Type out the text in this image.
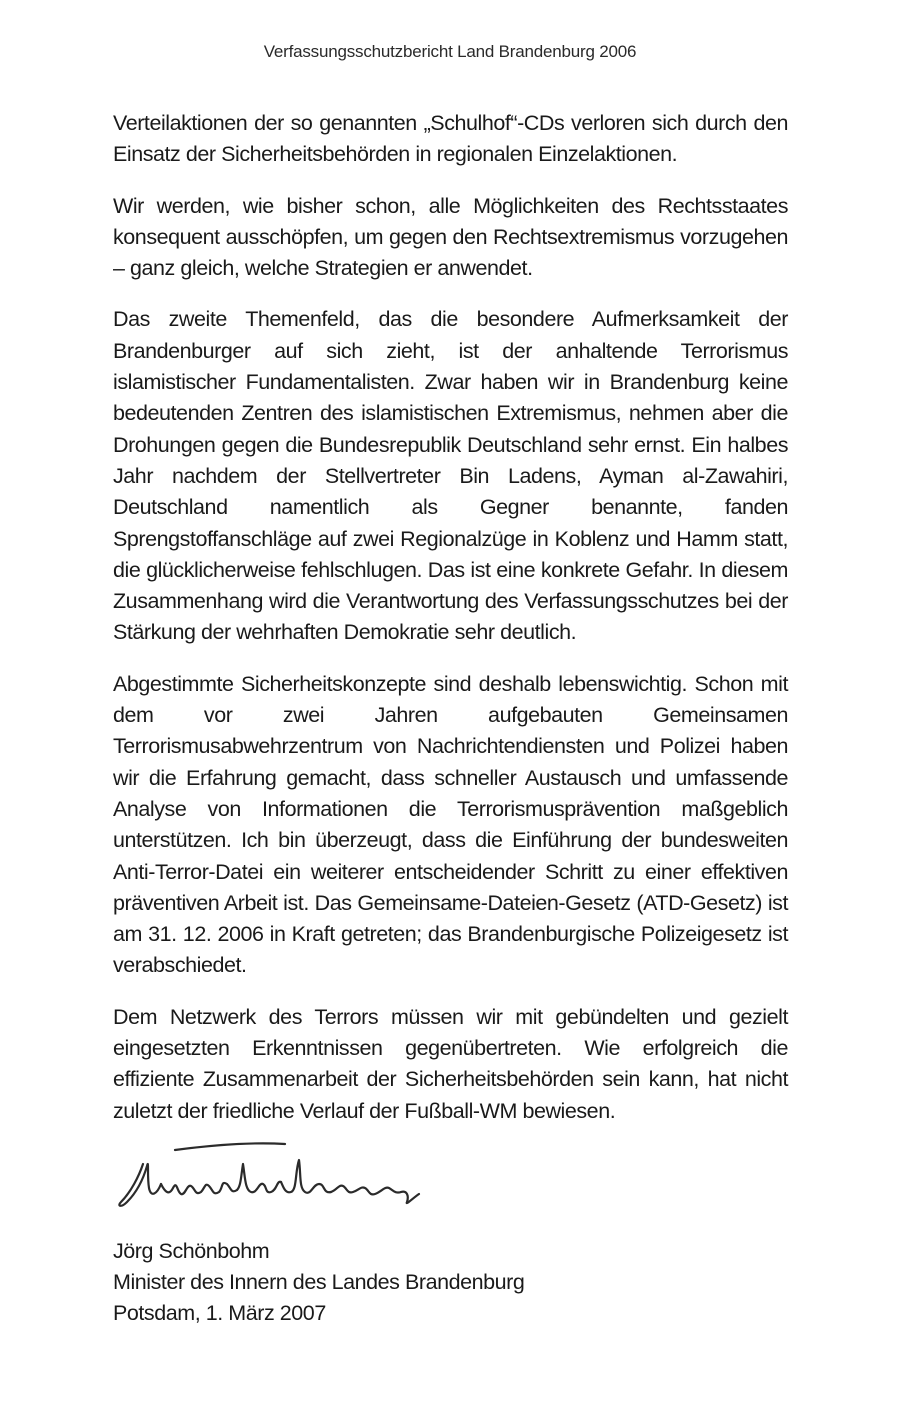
Verfassungsschutzbericht Land Brandenburg 2006

Verteilaktionen der so genannten „Schulhof“-CDs verloren sich durch den Einsatz der Sicherheitsbehörden in regionalen Einzelaktionen.

Wir werden, wie bisher schon, alle Möglichkeiten des Rechtsstaates konsequent ausschöpfen, um gegen den Rechtsextremismus vorzugehen – ganz gleich, welche Strategien er anwendet.

Das zweite Themenfeld, das die besondere Aufmerksamkeit der Brandenburger auf sich zieht, ist der anhaltende Terrorismus islamistischer Fundamentalisten. Zwar haben wir in Brandenburg keine bedeutenden Zentren des islamistischen Extremismus, nehmen aber die Drohungen gegen die Bundesrepublik Deutschland sehr ernst. Ein halbes Jahr nachdem der Stellvertreter Bin Ladens, Ayman al-Zawahiri, Deutschland namentlich als Gegner benannte, fanden Sprengstoffanschläge auf zwei Regionalzüge in Koblenz und Hamm statt, die glücklicherweise fehlschlugen. Das ist eine konkrete Gefahr. In diesem Zusammenhang wird die Verantwortung des Verfassungsschutzes bei der Stärkung der wehrhaften Demokratie sehr deutlich.

Abgestimmte Sicherheitskonzepte sind deshalb lebenswichtig. Schon mit dem vor zwei Jahren aufgebauten Gemeinsamen Terrorismusabwehrzentrum von Nachrichtendiensten und Polizei haben wir die Erfahrung gemacht, dass schneller Austausch und umfassende Analyse von Informationen die Terrorismusprävention maßgeblich unterstützen. Ich bin überzeugt, dass die Einführung der bundesweiten Anti-Terror-Datei ein weiterer entscheidender Schritt zu einer effektiven präventiven Arbeit ist. Das Gemeinsame-Dateien-Gesetz (ATD-Gesetz) ist am 31. 12. 2006 in Kraft getreten; das Brandenburgische Polizeigesetz ist verabschiedet.

Dem Netzwerk des Terrors müssen wir mit gebündelten und gezielt eingesetzten Erkenntnissen gegenübertreten. Wie erfolgreich die effiziente Zusammenarbeit der Sicherheitsbehörden sein kann, hat nicht zuletzt der friedliche Verlauf der Fußball-WM bewiesen.

Jörg Schönbohm
Minister des Innern des Landes Brandenburg
Potsdam, 1. März 2007
